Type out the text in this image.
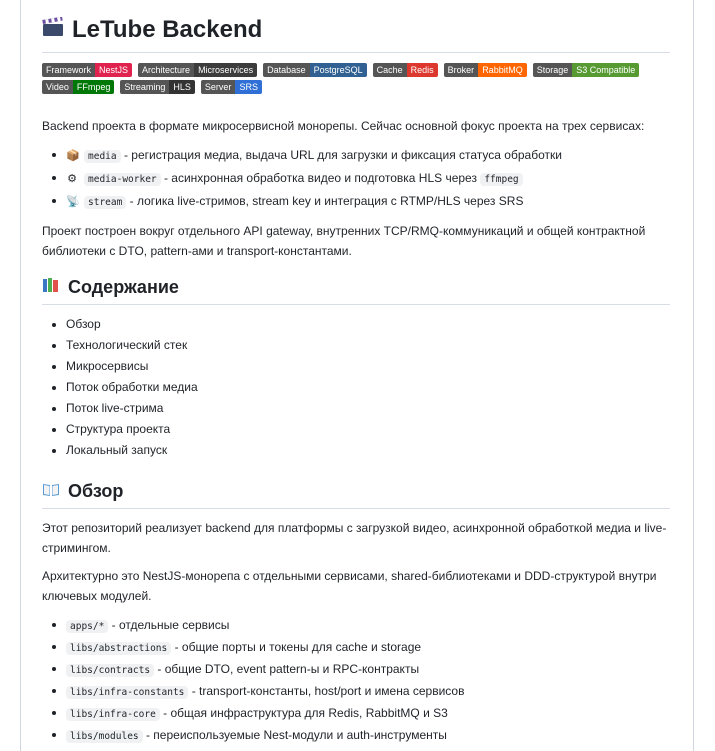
LeTube Backend
Framework NestJS	Architecture Microservices	Database PostgreSQL	Cache Redis	Broker RabbitMQ	Storage S3 Compatible
Video FFmpeg	Streaming HLS	Server SRS

Backend проекта в формате микросервисной монорепы. Сейчас основной фокус проекта на трех сервисах:

📦 media - регистрация медиа, выдача URL для загрузки и фиксация статуса обработки
⚙ media-worker - асинхронная обработка видео и подготовка HLS через ffmpeg
📡 stream - логика live-стримов, stream key и интеграция с RTMP/HLS через SRS

Проект построен вокруг отдельного API gateway, внутренних TCP/RMQ-коммуникаций и общей контрактной библиотеки с DTO, pattern-ами и transport-константами.

Содержание
Обзор
Технологический стек
Микросервисы
Поток обработки медиа
Поток live-стрима
Структура проекта
Локальный запуск
Обзор

Этот репозиторий реализует backend для платформы с загрузкой видео, асинхронной обработкой медиа и live-стримингом.

Архитектурно это NestJS-монорепа с отдельными сервисами, shared-библиотеками и DDD-структурой внутри ключевых модулей.

apps/* - отдельные сервисы
libs/abstractions - общие порты и токены для cache и storage
libs/contracts - общие DTO, event pattern-ы и RPC-контракты
libs/infra-constants - transport-константы, host/port и имена сервисов
libs/infra-core - общая инфраструктура для Redis, RabbitMQ и S3
libs/modules - переиспользуемые Nest-модули и auth-инструменты
